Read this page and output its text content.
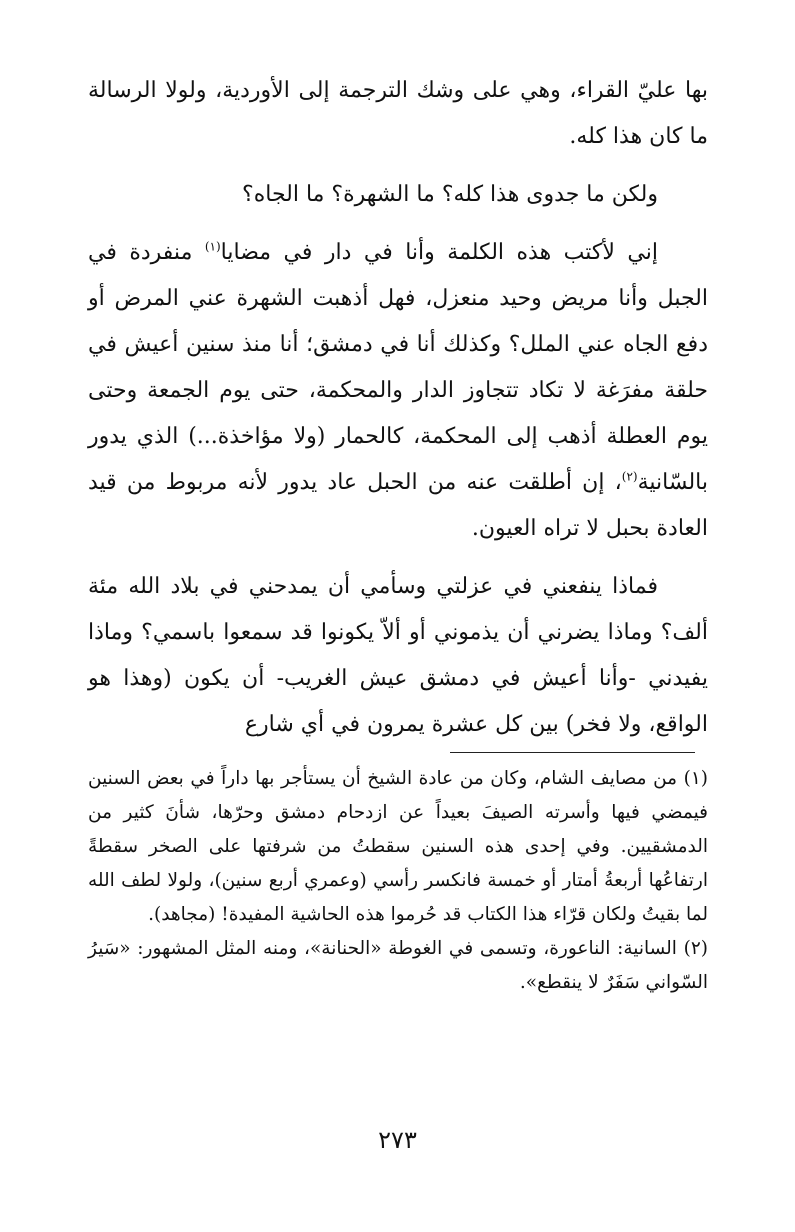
بها عليّ القراء، وهي على وشك الترجمة إلى الأوردية، ولولا الرسالة ما كان هذا كله.

ولكن ما جدوى هذا كله؟ ما الشهرة؟ ما الجاه؟

إني لأكتب هذه الكلمة وأنا في دار في مضايا$^{(١)}$ منفردة في الجبل وأنا مريض وحيد منعزل، فهل أذهبت الشهرة عني المرض أو دفع الجاه عني الملل؟ وكذلك أنا في دمشق؛ أنا منذ سنين أعيش في حلقة مفرَغة لا تكاد تتجاوز الدار والمحكمة، حتى يوم الجمعة وحتى يوم العطلة أذهب إلى المحكمة، كالحمار (ولا مؤاخذة...) الذي يدور بالسّانية$^{(٢)}$، إن أطلقت عنه من الحبل عاد يدور لأنه مربوط من قيد العادة بحبل لا تراه العيون.

فماذا ينفعني في عزلتي وسأمي أن يمدحني في بلاد الله مئة ألف؟ وماذا يضرني أن يذموني أو ألاّ يكونوا قد سمعوا باسمي؟ وماذا يفيدني -وأنا أعيش في دمشق عيش الغريب- أن يكون (وهذا هو الواقع، ولا فخر) بين كل عشرة يمرون في أي شارع

(١) من مصايف الشام، وكان من عادة الشيخ أن يستأجر بها داراً في بعض السنين فيمضي فيها وأسرته الصيفَ بعيداً عن ازدحام دمشق وحرّها، شأنَ كثير من الدمشقيين. وفي إحدى هذه السنين سقطتُ من شرفتها على الصخر سقطةً ارتفاعُها أربعةُ أمتار أو خمسة فانكسر رأسي (وعمري أربع سنين)، ولولا لطف الله لما بقيتُ ولكان قرّاء هذا الكتاب قد حُرموا هذه الحاشية المفيدة! (مجاهد).

(٢) السانية: الناعورة، وتسمى في الغوطة «الحنانة»، ومنه المثل المشهور: «سَيرُ السّواني سَفَرٌ لا ينقطع».

٢٧٣
